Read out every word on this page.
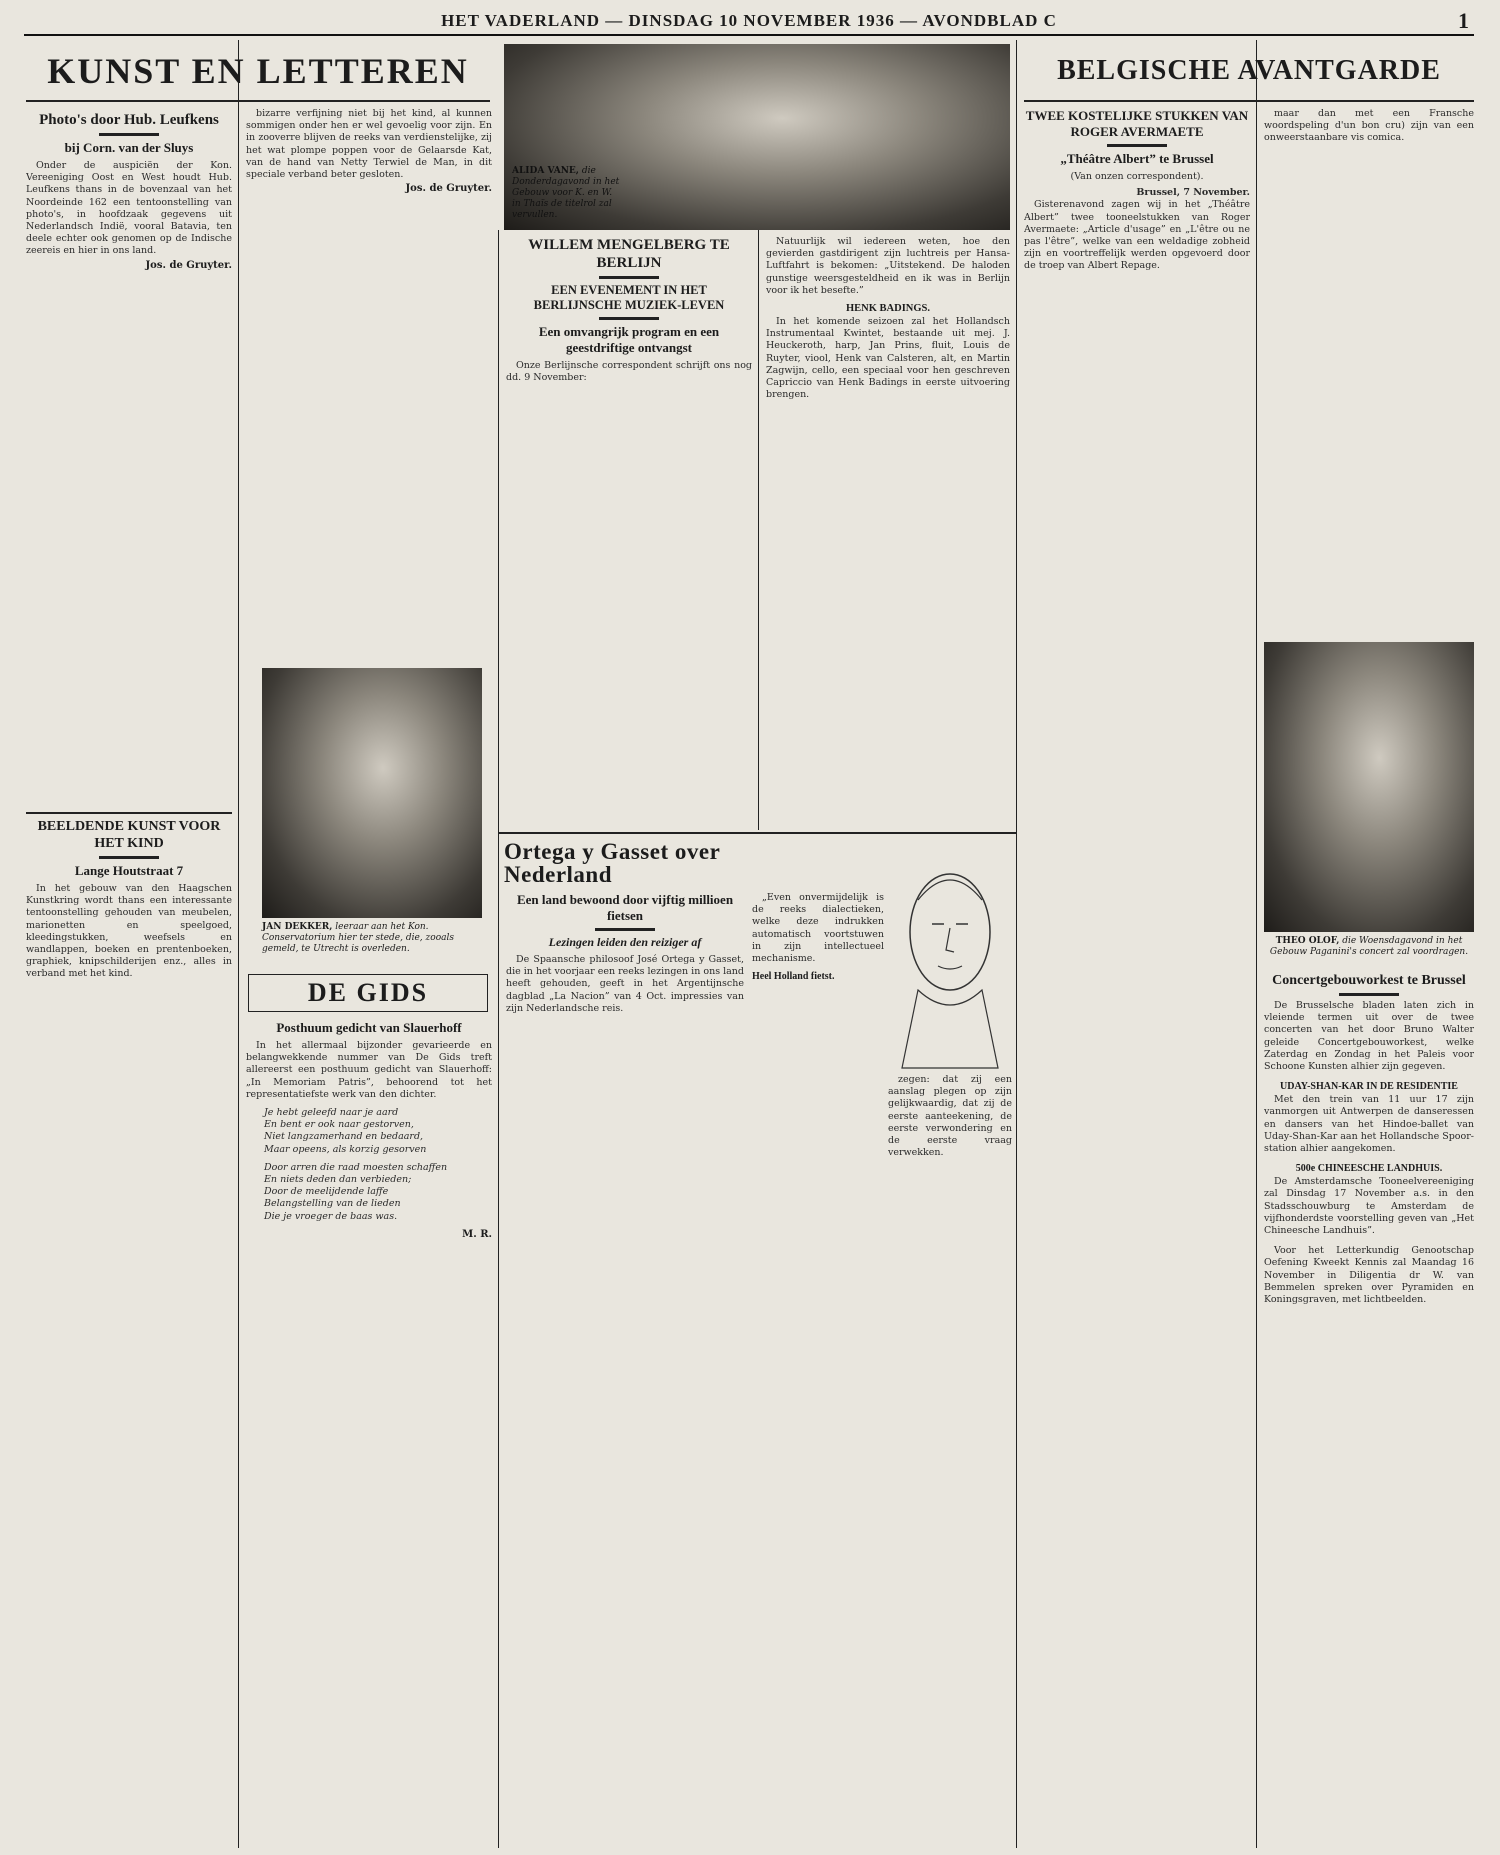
HET VADERLAND — DINSDAG 10 NOVEMBER 1936 — AVONDBLAD C	1
KUNST EN LETTEREN
Photo's door Hub. Leufkens
bij Corn. van der Sluys

Onder de auspiciën der Kon. Vereeniging Oost en West houdt Hub. Leufkens thans in de bovenzaal van het Noordeinde 162 een tentoonstelling van photo's, in hoofdzaak gegevens uit Nederlandsch Indië, vooral Batavia, ten deele echter ook genomen op de Indische zeereis en hier in ons land.

Jos. de Gruyter.
BEELDENDE KUNST VOOR HET KIND
Lange Houtstraat 7

In het gebouw van den Haagschen Kunstkring wordt thans een interessante tentoonstelling gehouden van meubelen, marionetten en speelgoed, kleedingstukken, weefsels en wandlappen, boeken en prentenboeken, graphiek, knipschilderijen enz., alles in verband met het kind.

bizarre verfijning niet bij het kind, al kunnen sommigen onder hen er wel gevoelig voor zijn. En in zooverre blijven de reeks van verdienstelijke, zij het wat plompe poppen voor de Gelaarsde Kat, van de hand van Netty Terwiel de Man, in dit speciale verband beter gesloten.

Jos. de Gruyter.
JAN DEKKER, leeraar aan het Kon. Conservatorium hier ter stede, die, zooals gemeld, te Utrecht is overleden.
DE GIDS
Posthuum gedicht van Slauerhoff

In het allermaal bijzonder gevarieerde en belangwekkende nummer van De Gids treft allereerst een posthuum gedicht van Slauerhoff: „In Memoriam Patris”, behoorend tot het representatiefste werk van den dichter.

Je hebt geleefd naar je aard
En bent er ook naar gestorven,
Niet langzamerhand en bedaard,
Maar opeens, als korzig gesorven
Door arren die raad moesten schaffen
En niets deden dan verbieden;
Door de meelijdende laffe
Belangstelling van de lieden
Die je vroeger de baas was.
M. R.
ALIDA VANE, die Donderdagavond in het Gebouw voor K. en W. in Thaïs de titelrol zal vervullen.
WILLEM MENGELBERG TE BERLIJN
EEN EVENEMENT IN HET BERLIJNSCHE MUZIEK-LEVEN
Een omvangrijk program en een geestdriftige ontvangst

Onze Berlijnsche correspondent schrijft ons nog dd. 9 November:

Natuurlijk wil iedereen weten, hoe den gevierden gastdirigent zijn luchtreis per Hansa-Luftfahrt is bekomen: „Uitstekend. De haloden gunstige weersgesteldheid en ik was in Berlijn voor ik het besefte.”

HENK BADINGS.

In het komende seizoen zal het Hollandsch Instrumentaal Kwintet, bestaande uit mej. J. Heuckeroth, harp, Jan Prins, fluit, Louis de Ruyter, viool, Henk van Calsteren, alt, en Martin Zagwijn, cello, een speciaal voor hen geschreven Capriccio van Henk Badings in eerste uitvoering brengen.

Ortega y Gasset over Nederland
Een land bewoond door vijftig millioen fietsen
Lezingen leiden den reiziger af

De Spaansche philosoof José Ortega y Gasset, die in het voorjaar een reeks lezingen in ons land heeft gehouden, geeft in het Argentijnsche dagblad „La Nacion” van 4 Oct. impressies van zijn Nederlandsche reis.

„Even onvermijdelijk is de reeks dialectieken, welke deze indrukken automatisch voortstuwen in zijn intellectueel mechanisme.

Heel Holland fietst.

zegen: dat zij een aanslag plegen op zijn gelijkwaardig, dat zij de eerste aanteekening, de eerste verwondering en de eerste vraag verwekken.

BELGISCHE AVANTGARDE
TWEE KOSTELIJKE STUKKEN VAN ROGER AVERMAETE
„Théâtre Albert” te Brussel
(Van onzen correspondent).
Brussel, 7 November.

Gisterenavond zagen wij in het „Théâtre Albert” twee tooneelstukken van Roger Avermaete: „Article d'usage” en „L'être ou ne pas l'être”, welke van een weldadige zobheid zijn en voortreffelijk werden opgevoerd door de troep van Albert Repage.

maar dan met een Fransche woordspeling d'un bon cru) zijn van een onweerstaanbare vis comica.

THEO OLOF, die Woensdagavond in het Gebouw Paganini's concert zal voordragen.
Concertgebouworkest te Brussel

De Brusselsche bladen laten zich in vleiende termen uit over de twee concerten van het door Bruno Walter geleide Concertgebouworkest, welke Zaterdag en Zondag in het Paleis voor Schoone Kunsten alhier zijn gegeven.

UDAY-SHAN-KAR IN DE RESIDENTIE

Met den trein van 11 uur 17 zijn vanmorgen uit Antwerpen de danseressen en dansers van het Hindoe-ballet van Uday-Shan-Kar aan het Hollandsche Spoor-station alhier aangekomen.

500e CHINEESCHE LANDHUIS.

De Amsterdamsche Tooneelvereeniging zal Dinsdag 17 November a.s. in den Stadsschouwburg te Amsterdam de vijfhonderdste voorstelling geven van „Het Chineesche Landhuis”.

Voor het Letterkundig Genootschap Oefening Kweekt Kennis zal Maandag 16 November in Diligentia dr W. van Bemmelen spreken over Pyramiden en Koningsgraven, met lichtbeelden.
